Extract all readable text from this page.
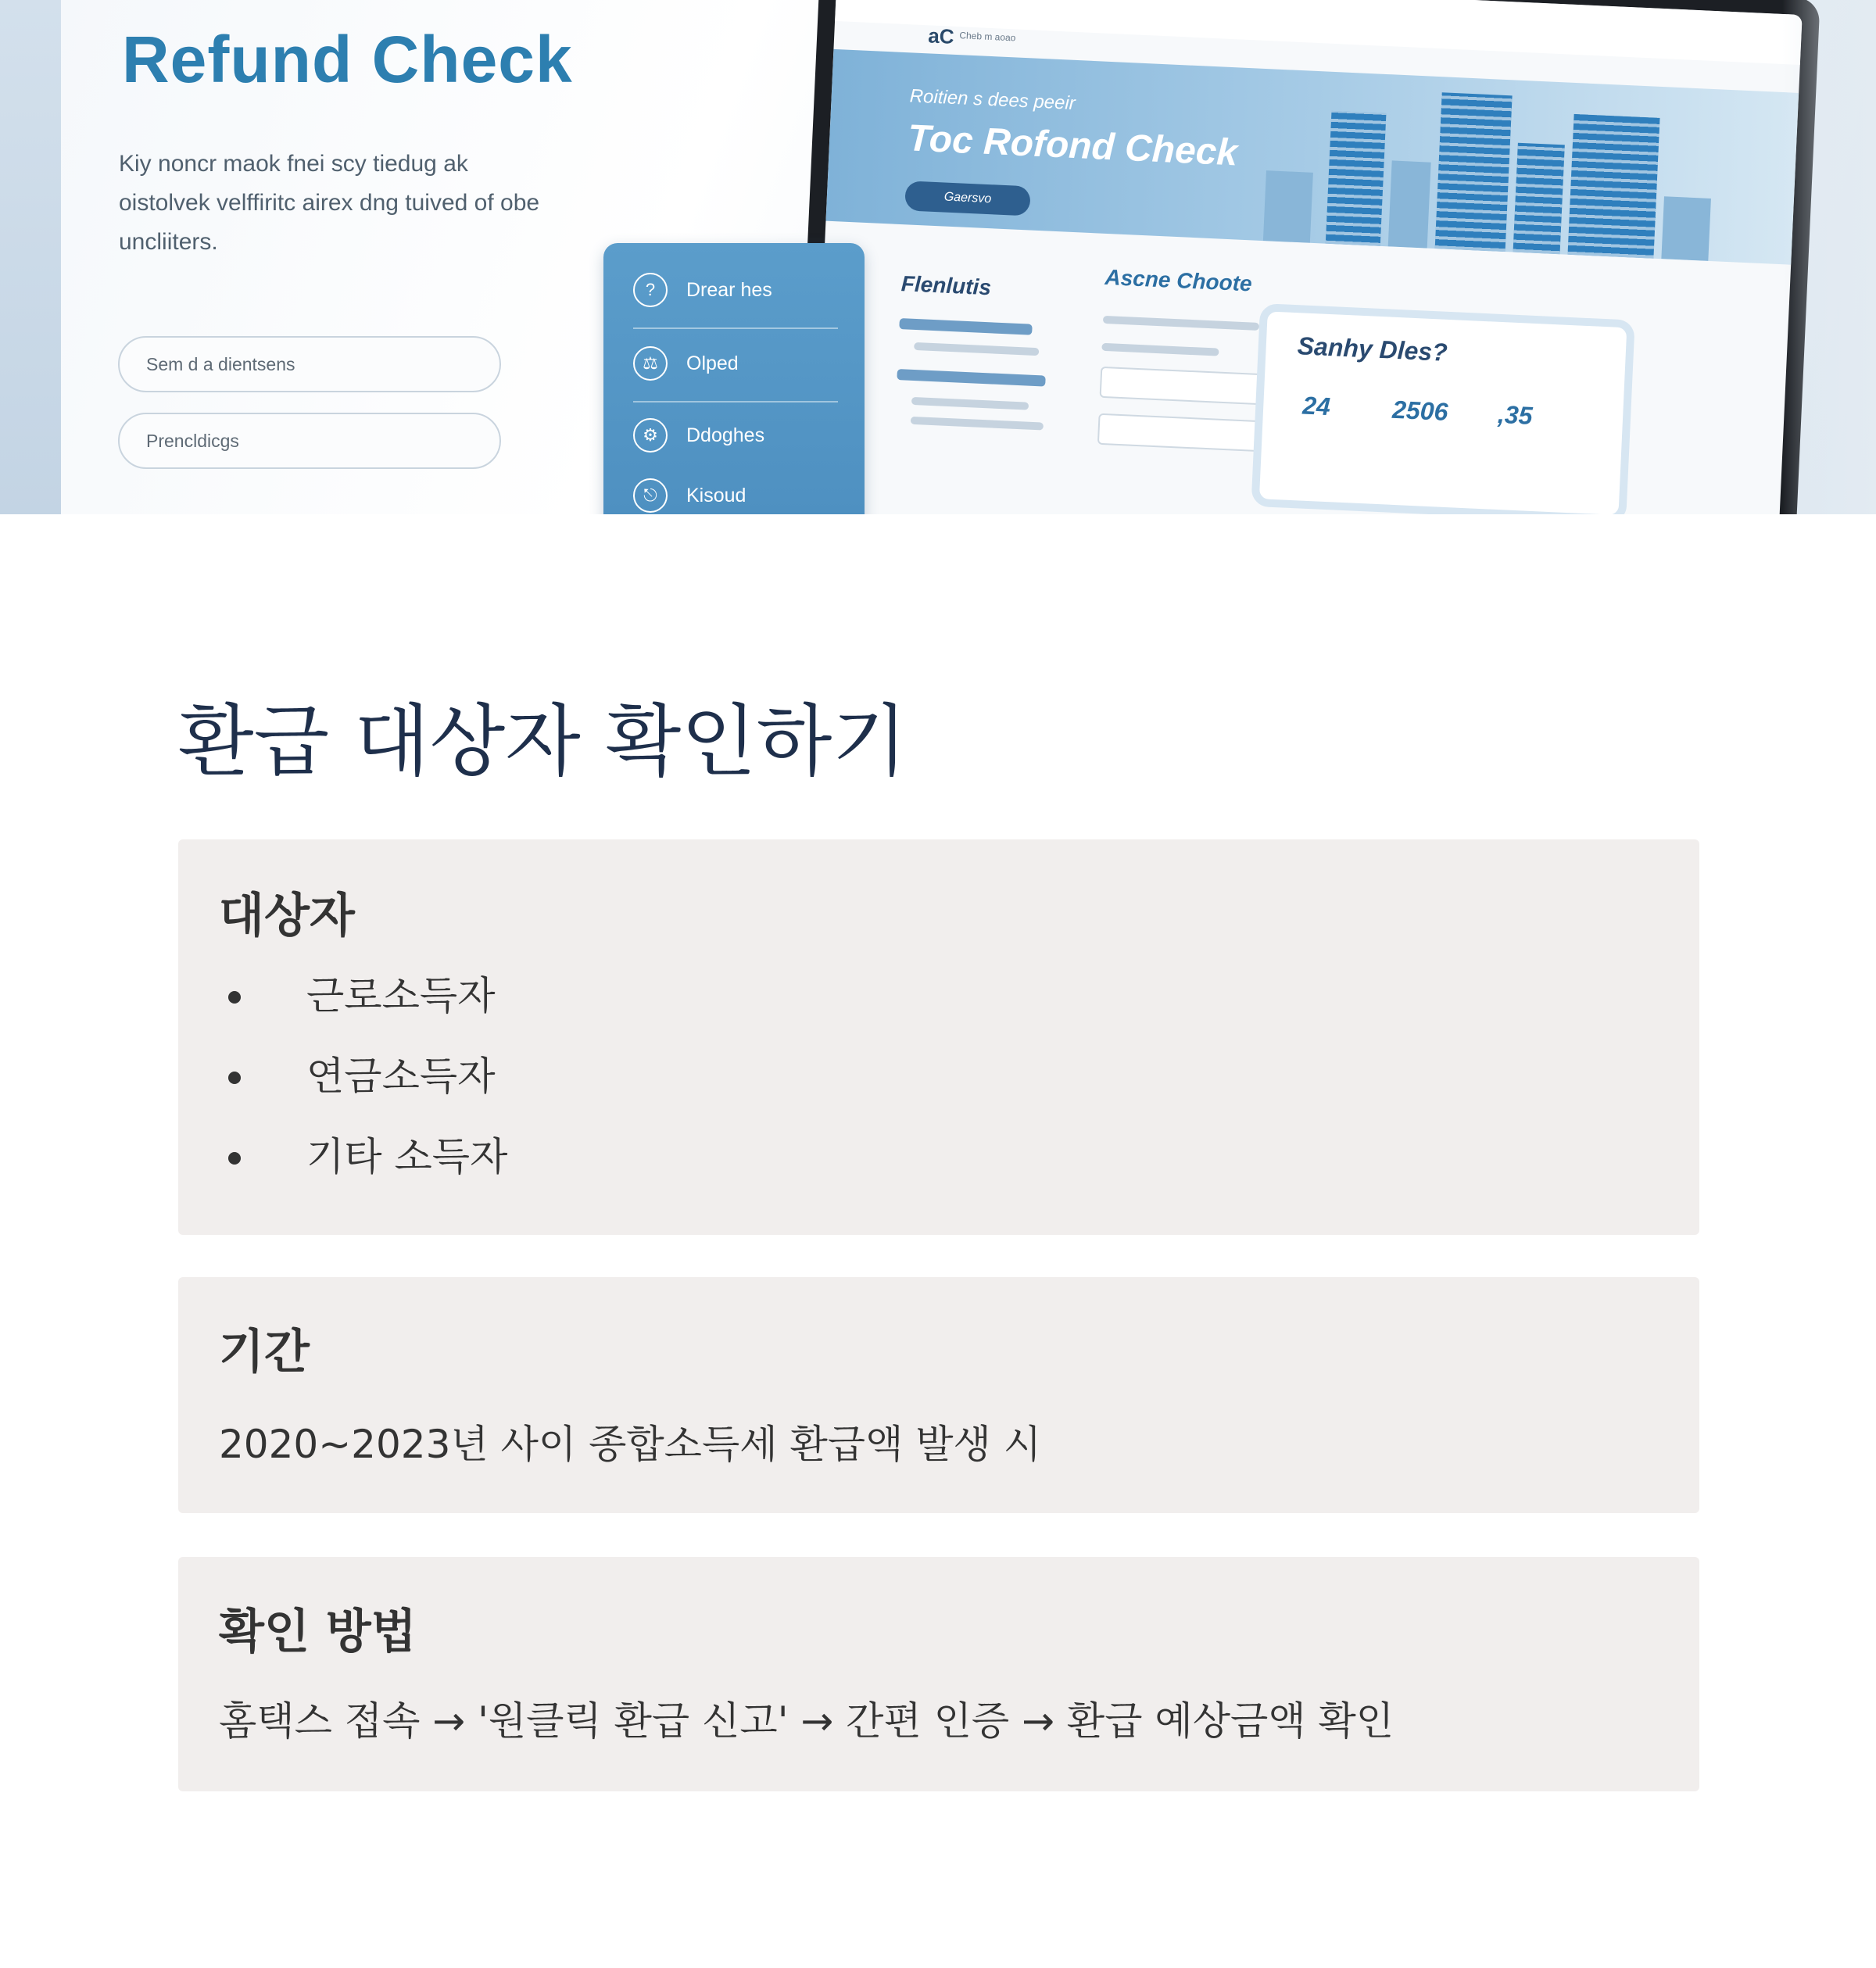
Refund Check
Kiy noncr maok fnei scy tiedug ak oistolvek velffiritc airex dng tuived of obe uncliiters.
Sem d a dientsens
Prencldicgs
aC Cheb m aoao
Roitien s dees peeir
Toc Rofond Check
Gaersvo
Flenlutis	Ascne Choote
Sanhy Dles?
24 2506 ,35
?	Drear hes
⚖	Olped
⚙	Ddoghes
⎋	Kisoud
환급 대상자 확인하기
대상자
근로소득자
연금소득자
기타 소득자
기간

2020~2023년 사이 종합소득세 환급액 발생 시

확인 방법

홈택스 접속 → '원클릭 환급 신고' → 간편 인증 → 환급 예상금액 확인
